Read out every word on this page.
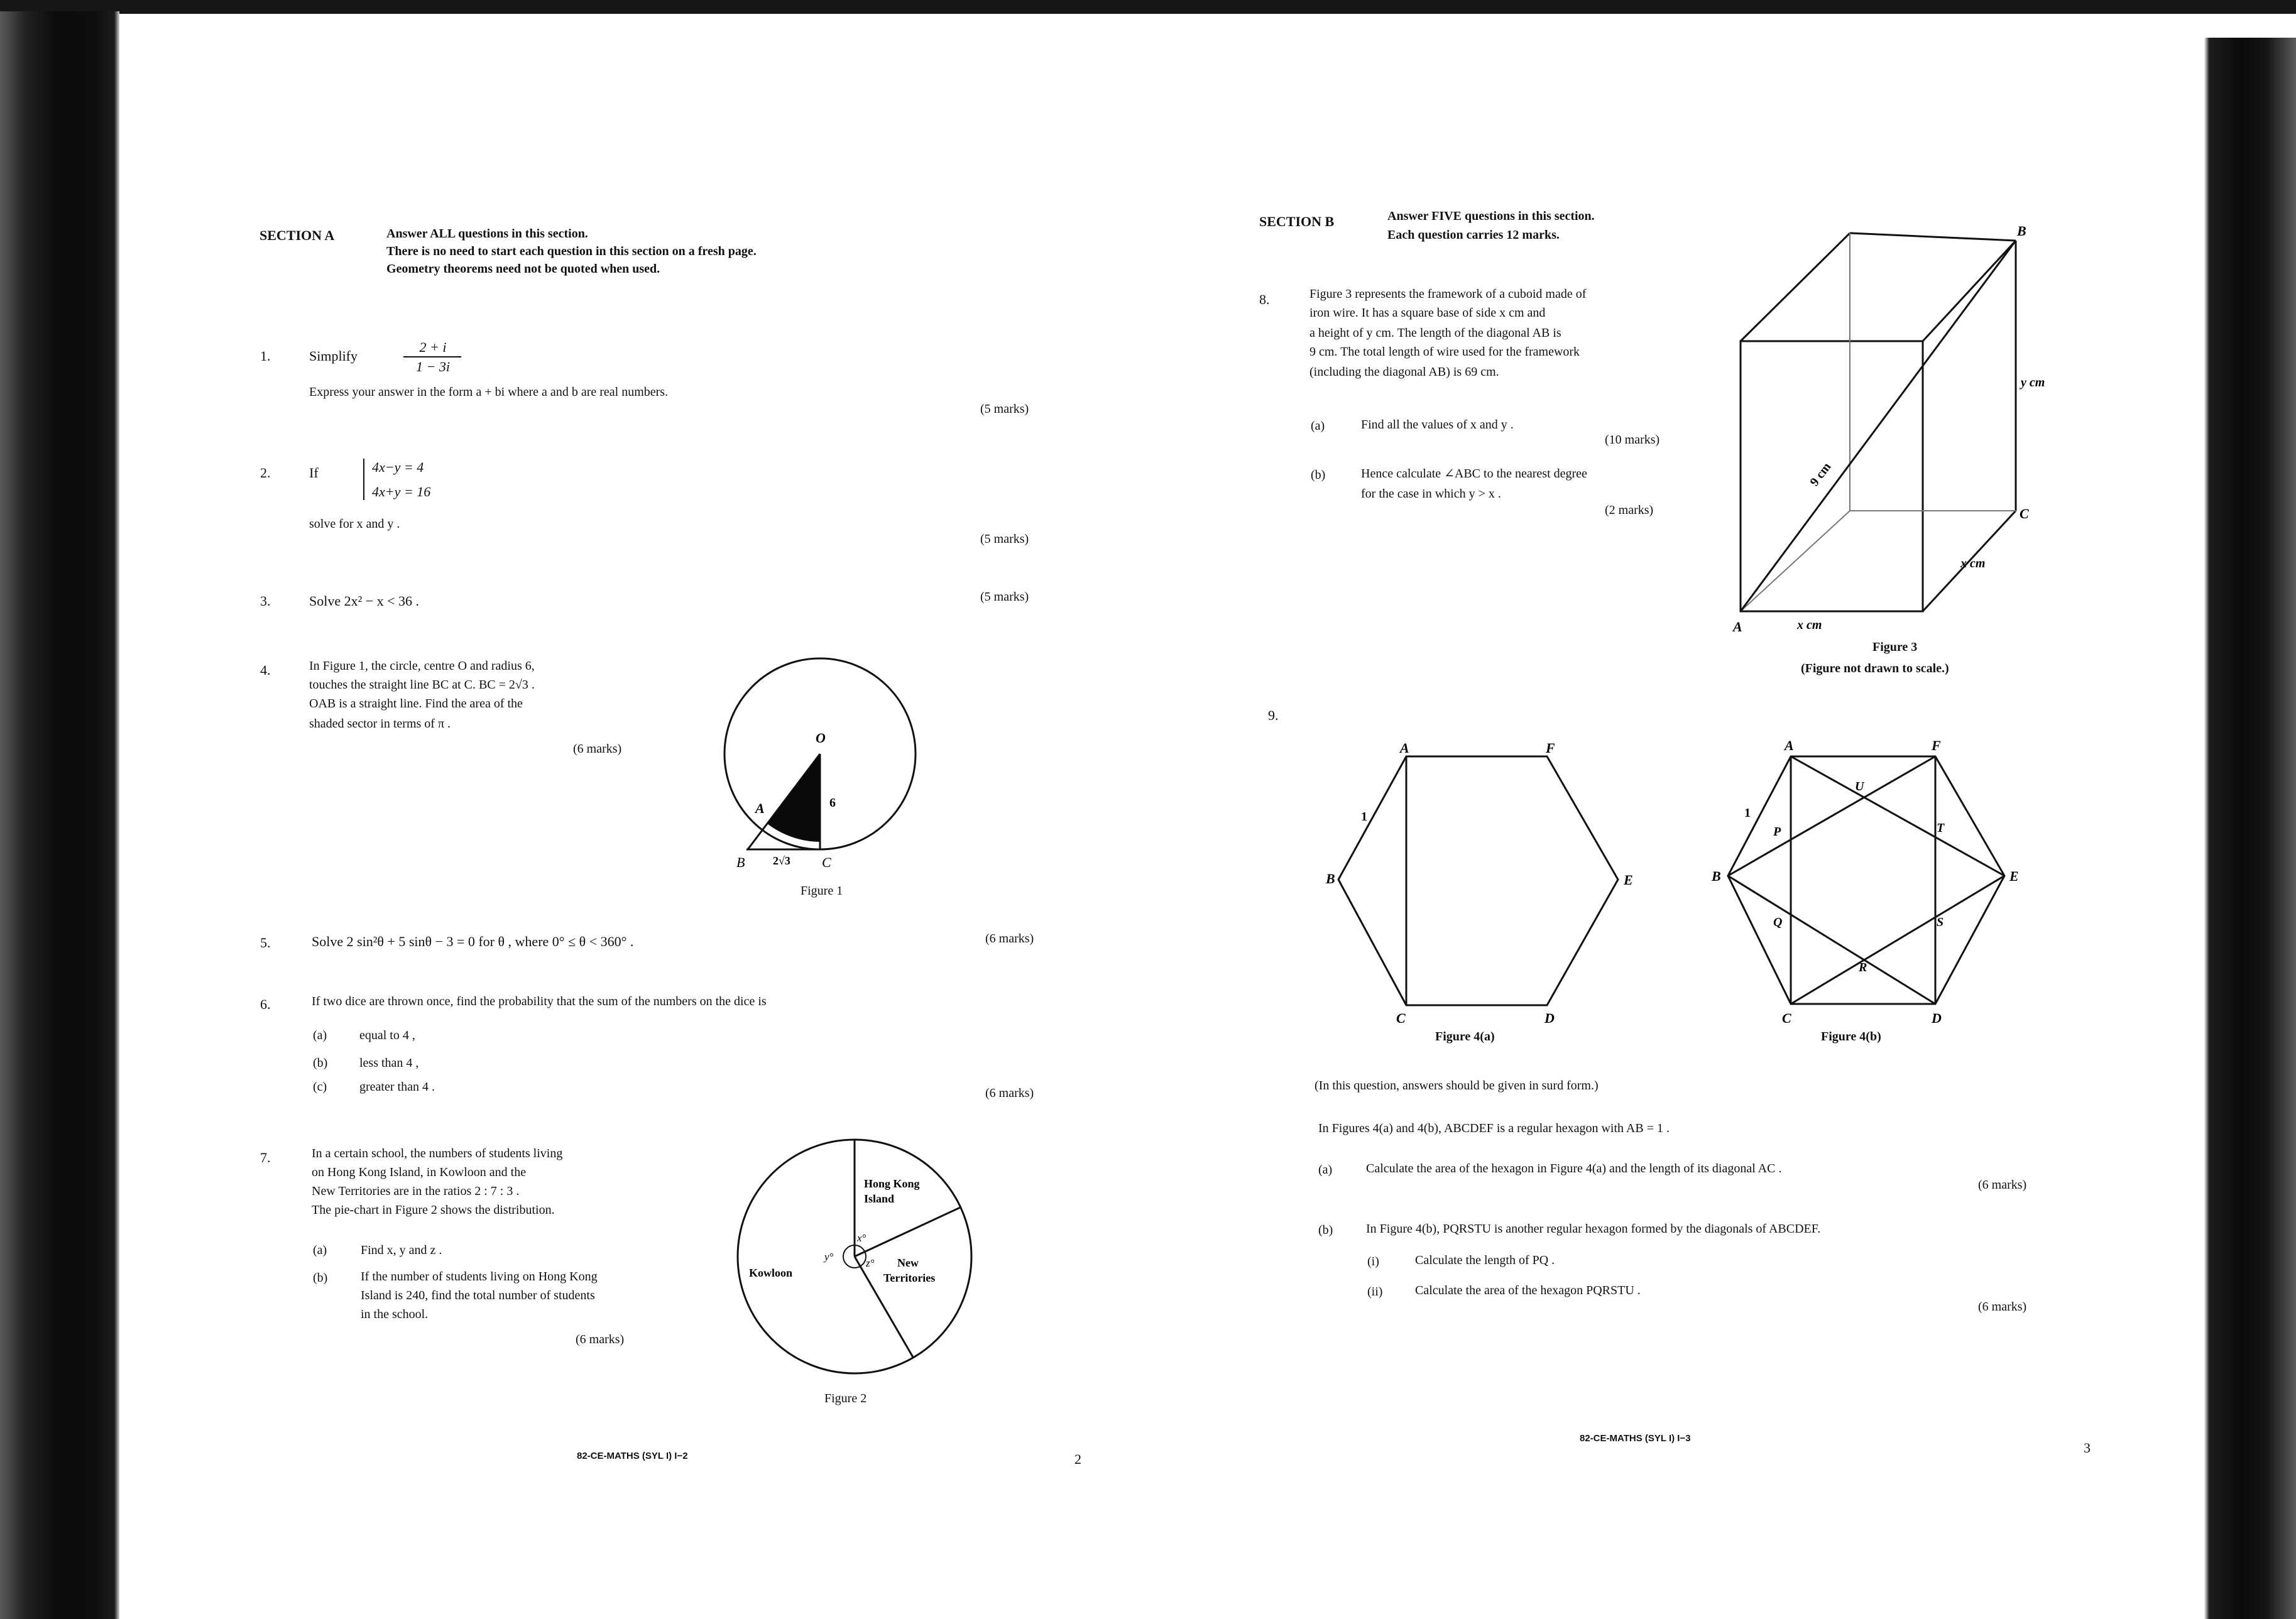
SECTION A	Answer ALL questions in this section.
There is no need to start each question in this section on a fresh page.
Geometry theorems need not be quoted when used.
1.	Simplify
2 + i
1 − 3i
Express your answer in the form a + bi where a and b are real numbers.
(5 marks)
2.	If	4x−y = 4
4x+y = 16
solve for x and y .
(5 marks)
3.	Solve 2x² − x < 36 .	(5 marks)
4.	In Figure 1, the circle, centre O and radius 6,
touches the straight line BC at C. BC = 2√3 .
OAB is a straight line. Find the area of the
shaded sector in terms of π .
(6 marks)
O
A
B	C
6
2√3
Figure 1
5.	Solve 2 sin²θ + 5 sinθ − 3 = 0 for θ , where 0° ≤ θ < 360° .	(6 marks)
6.	If two dice are thrown once, find the probability that the sum of the numbers on the dice is
(a)	equal to 4 ,
(b)	less than 4 ,
(c)	greater than 4 .	(6 marks)
7.	In a certain school, the numbers of students living
on Hong Kong Island, in Kowloon and the
New Territories are in the ratios 2 : 7 : 3 .
The pie-chart in Figure 2 shows the distribution.
(a)	Find x, y and z .
(b)	If the number of students living on Hong Kong
Island is 240, find the total number of students
in the school.
(6 marks)
Hong Kong
Island
Kowloon
New
Territories
x°
y°
z°
Figure 2
82-CE-MATHS (SYL I) I−2	2
SECTION B	Answer FIVE questions in this section.
Each question carries 12 marks.
8.	Figure 3 represents the framework of a cuboid made of
iron wire. It has a square base of side x cm and
a height of y cm. The length of the diagonal AB is
9 cm. The total length of wire used for the framework
(including the diagonal AB) is 69 cm.
(a)	Find all the values of x and y .
(10 marks)
(b)	Hence calculate ∠ABC to the nearest degree
for the case in which y > x .
(2 marks)
A
B
C
y cm
9 cm
x cm
x cm
Figure 3
(Figure not drawn to scale.)
9.
A	F
B	E
C	D
1
Figure 4(a)
A	F
B	E
C	D
P
Q
R
S
T
U
1
Figure 4(b)
(In this question, answers should be given in surd form.)
In Figures 4(a) and 4(b), ABCDEF is a regular hexagon with AB = 1 .
(a)	Calculate the area of the hexagon in Figure 4(a) and the length of its diagonal AC .
(6 marks)
(b)	In Figure 4(b), PQRSTU is another regular hexagon formed by the diagonals of ABCDEF.
(i)	Calculate the length of PQ .
(ii)	Calculate the area of the hexagon PQRSTU .
(6 marks)
82-CE-MATHS (SYL I) I−3
3
